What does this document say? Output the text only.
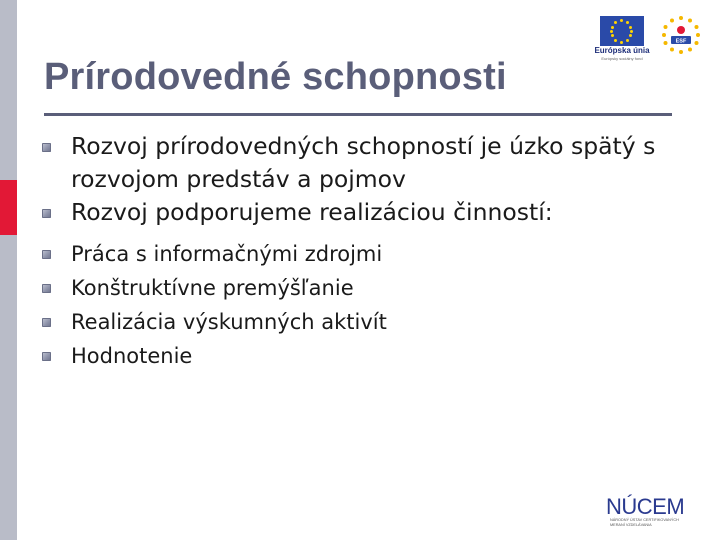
Prírodovedné schopnosti
Rozvoj prírodovedných schopností je úzko spätý s rozvojom predstáv a pojmov
Rozvoj podporujeme realizáciou činností:
Práca s informačnými zdrojmi
Konštruktívne premýšľanie
Realizácia výskumných aktivít
Hodnotenie
Európska únia
Európsky sociálny fond
ESF
NÚCEM
NÁRODNÝ ÚSTAV CERTIFIKOVANÝCH MERANÍ VZDELÁVANIA
